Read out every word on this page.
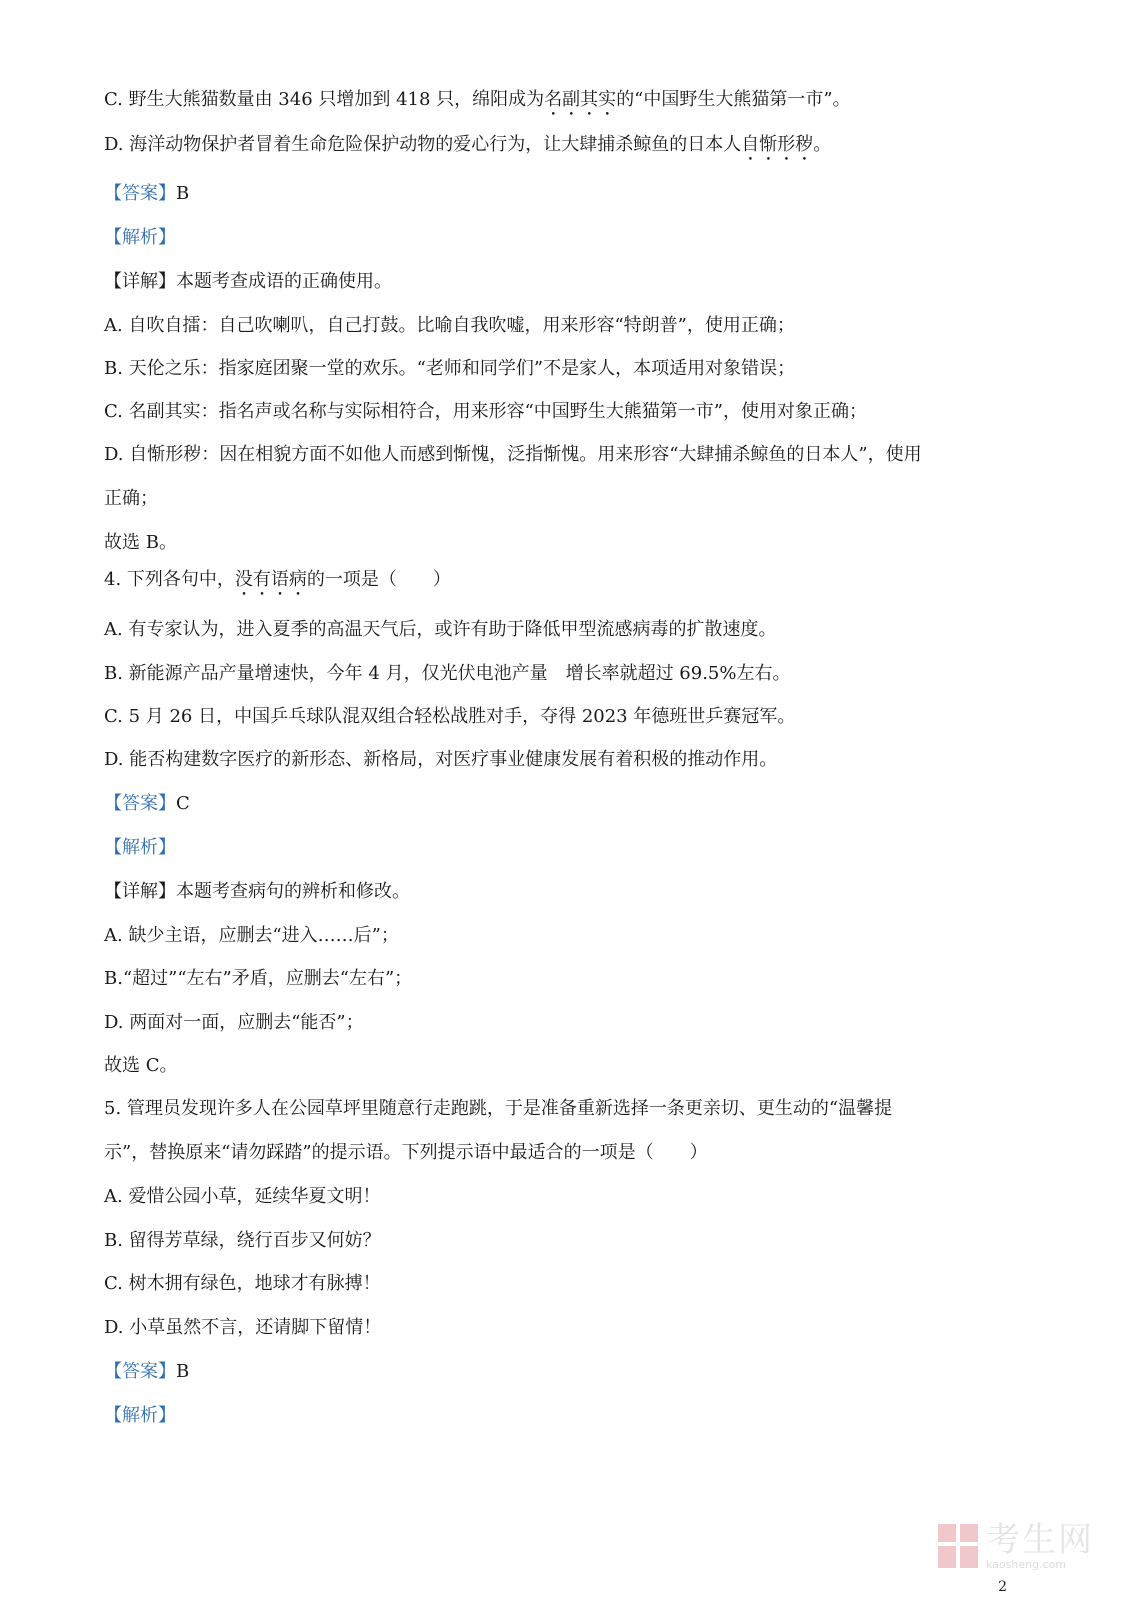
C. 野生大熊猫数量由 346 只增加到 418 只，绵阳成为名副其实的“中国野生大熊猫第一市”。
D. 海洋动物保护者冒着生命危险保护动物的爱心行为，让大肆捕杀鲸鱼的日本人自惭形秽。
【答案】B
【解析】
【详解】本题考查成语的正确使用。
A. 自吹自擂：自己吹喇叭，自己打鼓。比喻自我吹嘘，用来形容“特朗普”，使用正确；
B. 天伦之乐：指家庭团聚一堂的欢乐。“老师和同学们”不是家人，本项适用对象错误；
C. 名副其实：指名声或名称与实际相符合，用来形容“中国野生大熊猫第一市”，使用对象正确；
D. 自惭形秽：因在相貌方面不如他人而感到惭愧，泛指惭愧。用来形容“大肆捕杀鲸鱼的日本人”，使用
正确；
故选 B。
4. 下列各句中，没有语病的一项是（　　）
A. 有专家认为，进入夏季的高温天气后，或许有助于降低甲型流感病毒的扩散速度。
B. 新能源产品产量增速快，今年 4 月，仅光伏电池产量 增长率就超过 69.5%左右。
C. 5 月 26 日，中国乒乓球队混双组合轻松战胜对手，夺得 2023 年德班世乒赛冠军。
D. 能否构建数字医疗的新形态、新格局，对医疗事业健康发展有着积极的推动作用。
【答案】C
【解析】
【详解】本题考查病句的辨析和修改。
A. 缺少主语，应删去“进入……后”；
B.“超过”“左右”矛盾，应删去“左右”；
D. 两面对一面，应删去“能否”；
故选 C。
5. 管理员发现许多人在公园草坪里随意行走跑跳，于是准备重新选择一条更亲切、更生动的“温馨提
示”，替换原来“请勿踩踏”的提示语。下列提示语中最适合的一项是（　　）
A. 爱惜公园小草，延续华夏文明！
B. 留得芳草绿，绕行百步又何妨？
C. 树木拥有绿色，地球才有脉搏！
D. 小草虽然不言，还请脚下留情！
【答案】B
【解析】
考生网
kaosheng.com
2
